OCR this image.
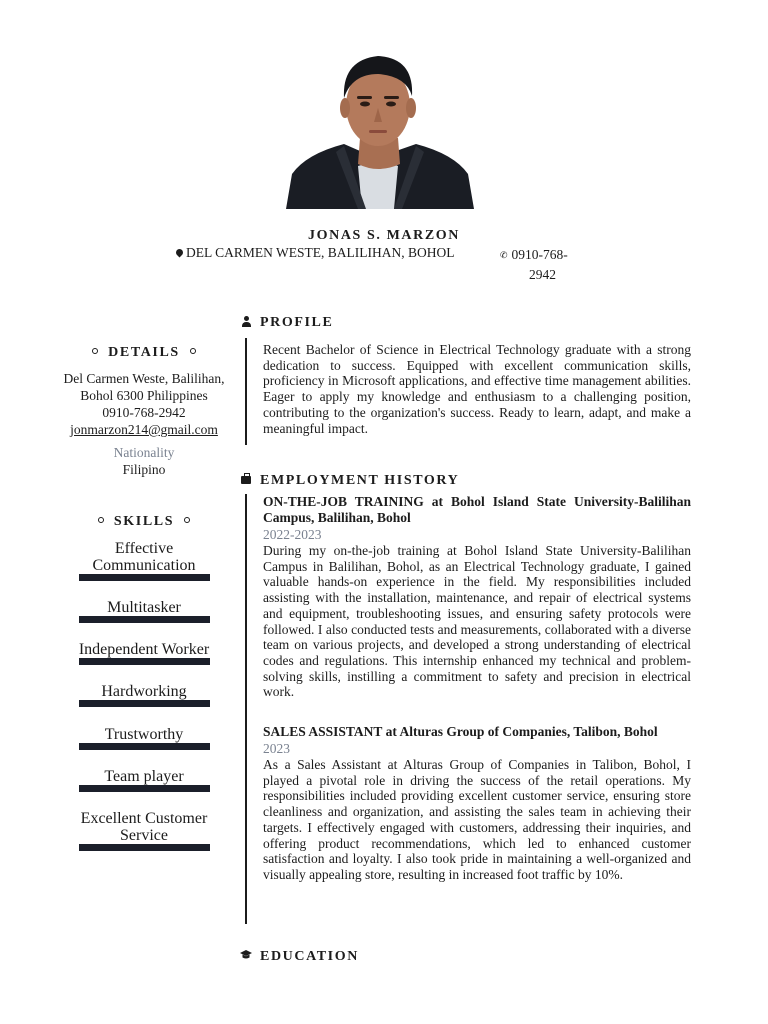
JONAS S. MARZON
DEL CARMEN WESTE, BALILIHAN, BOHOL	✆ 0910-768-
2942
DETAILS
Del Carmen Weste, Balilihan,
Bohol 6300 Philippines
0910-768-2942
jonmarzon214@gmail.com
Nationality
Filipino
SKILLS
Effective
Communication
Multitasker
Independent Worker
Hardworking
Trustworthy
Team player
Excellent Customer
Service
PROFILE
Recent Bachelor of Science in Electrical Technology graduate with a strong dedication to success. Equipped with excellent communication skills, proficiency in Microsoft applications, and effective time management abilities. Eager to apply my knowledge and enthusiasm to a challenging position, contributing to the organization's success. Ready to learn, adapt, and make a meaningful impact.
EMPLOYMENT HISTORY
ON-THE-JOB TRAINING at Bohol Island State University-Balilihan Campus, Balilihan, Bohol
2022-2023
During my on-the-job training at Bohol Island State University-Balilihan Campus in Balilihan, Bohol, as an Electrical Technology graduate, I gained valuable hands-on experience in the field. My responsibilities included assisting with the installation, maintenance, and repair of electrical systems and equipment, troubleshooting issues, and ensuring safety protocols were followed. I also conducted tests and measurements, collaborated with a diverse team on various projects, and developed a strong understanding of electrical codes and regulations. This internship enhanced my technical and problem-solving skills, instilling a commitment to safety and precision in electrical work.
SALES ASSISTANT at Alturas Group of Companies, Talibon, Bohol
2023
As a Sales Assistant at Alturas Group of Companies in Talibon, Bohol, I played a pivotal role in driving the success of the retail operations. My responsibilities included providing excellent customer service, ensuring store cleanliness and organization, and assisting the sales team in achieving their targets. I effectively engaged with customers, addressing their inquiries, and offering product recommendations, which led to enhanced customer satisfaction and loyalty. I also took pride in maintaining a well-organized and visually appealing store, resulting in increased foot traffic by 10%.
EDUCATION
